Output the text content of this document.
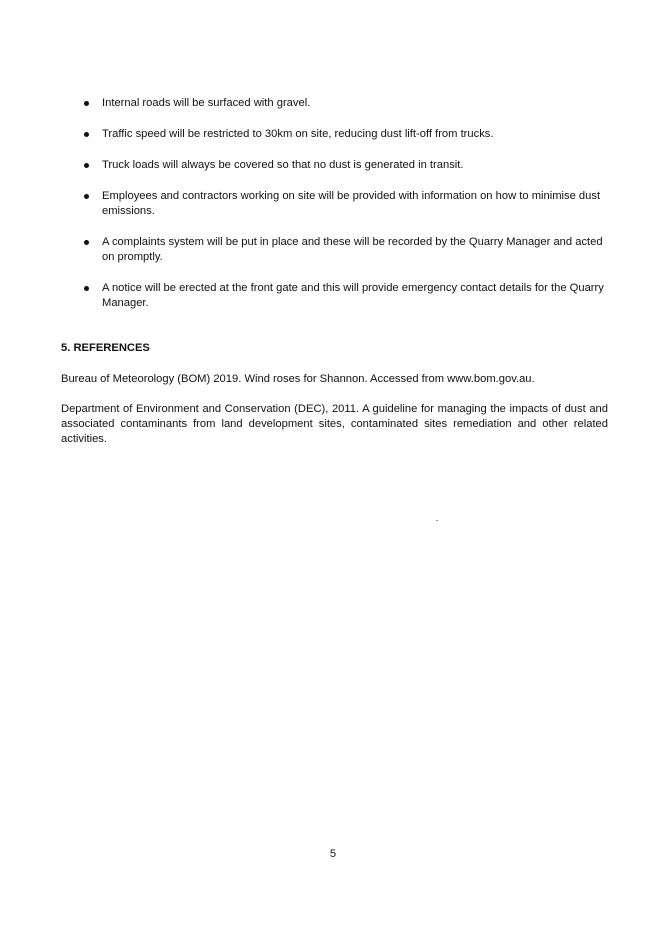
Internal roads will be surfaced with gravel.
Traffic speed will be restricted to 30km on site, reducing dust lift-off from trucks.
Truck loads will always be covered so that no dust is generated in transit.
Employees and contractors working on site will be provided with information on how to minimise dust emissions.
A complaints system will be put in place and these will be recorded by the Quarry Manager and acted on promptly.
A notice will be erected at the front gate and this will provide emergency contact details for the Quarry Manager.
5. REFERENCES

Bureau of Meteorology (BOM) 2019. Wind roses for Shannon. Accessed from www.bom.gov.au.

Department of Environment and Conservation (DEC), 2011. A guideline for managing the impacts of dust and associated contaminants from land development sites, contaminated sites remediation and other related activities.

5
